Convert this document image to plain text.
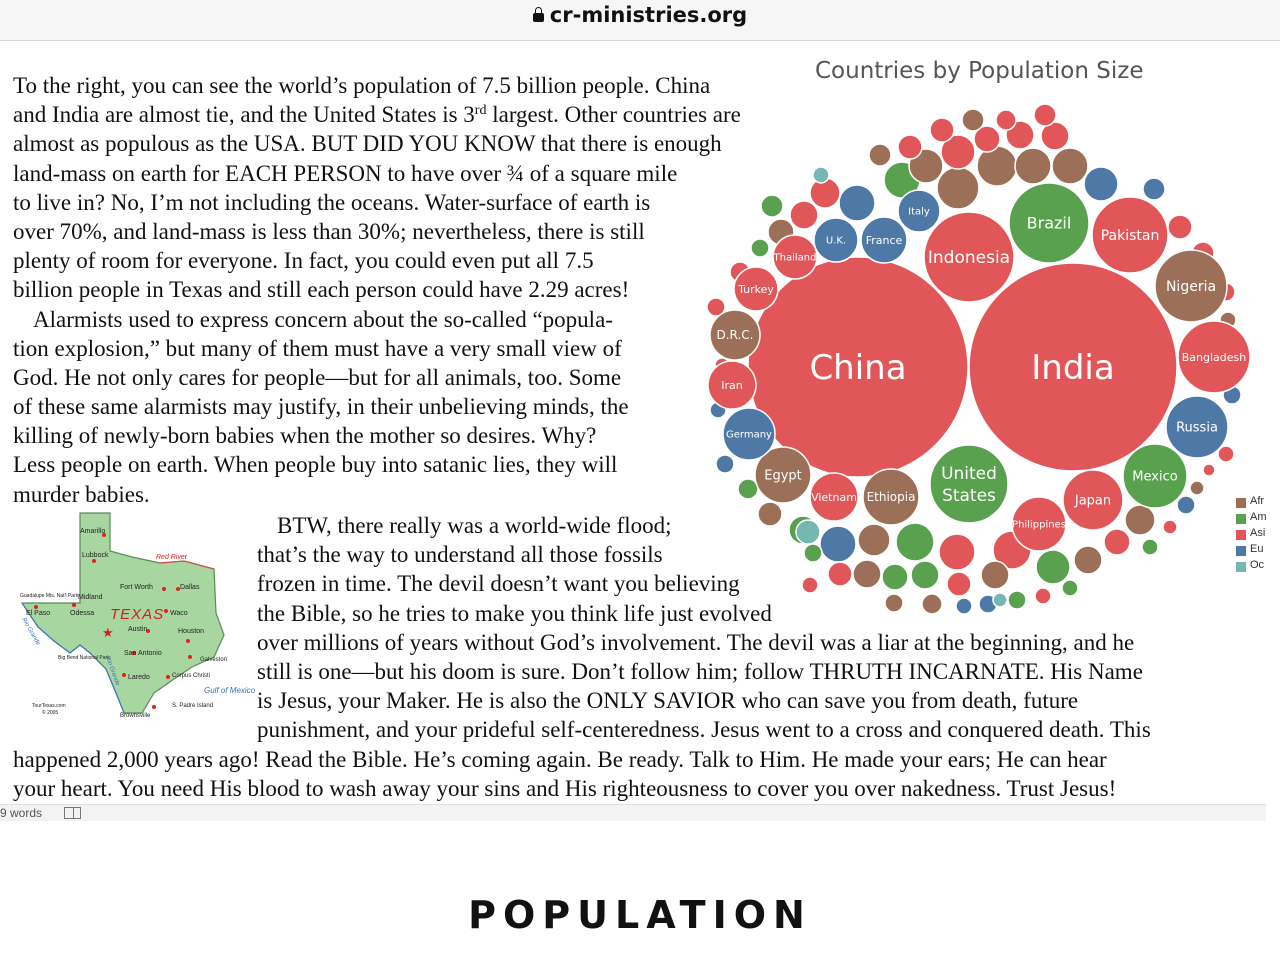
cr-ministries.org
To the right, you can see the world’s population of 7.5 billion people. China
and India are almost tie, and the United States is 3rd largest. Other countries are
almost as populous as the USA. BUT DID YOU KNOW that there is enough
land-mass on earth for EACH PERSON to have over ¾ of a square mile
to live in? No, I’m not including the oceans. Water-surface of earth is
over 70%, and land-mass is less than 30%; nevertheless, there is still
plenty of room for everyone. In fact, you could even put all 7.5
billion people in Texas and still each person could have 2.29 acres!
Alarmists used to express concern about the so-called “popula-
tion explosion,” but many of them must have a very small view of
God. He not only cares for people—but for all animals, too. Some
of these same alarmists may justify, in their unbelieving minds, the
killing of newly-born babies when the mother so desires. Why?
Less people on earth. When people buy into satanic lies, they will
murder babies.
BTW, there really was a world-wide flood;
that’s the way to understand all those fossils
frozen in time. The devil doesn’t want you believing
the Bible, so he tries to make you think life just evolved
over millions of years without God’s involvement. The devil was a liar at the beginning, and he
still is one—but his doom is sure. Don’t follow him; follow THRUTH INCARNATE. His Name
is Jesus, your Maker. He is also the ONLY SAVIOR who can save you from death, future
punishment, and your prideful self-centeredness. Jesus went to a cross and conquered death. This
happened 2,000 years ago! Read the Bible. He’s coming again. Be ready. Talk to Him. He made your ears; He can hear
your heart. You need His blood to wash away your sins and His righteousness to cover you over nakedness. Trust Jesus!
TEXAS
★
Amarillo
Lubbock	Red River
Guadalupe Mts. Nat'l Park Midland
Fort Worth	Dallas
El Paso	Odessa	Waco
Rio Grande	Austin	Houston
Big Bend National Park
San Antonio
Galveston
Laredo	Corpus Christi
Rio Grande
Gulf of Mexico
Brownsville
S. Padre Island
TourTexas.com
© 2005
Countries by Population Size
China	India
United
States
Indonesia
Brazil
Pakistan
Nigeria
Bangladesh
Russia
Mexico
Japan
Ethiopia
Philippines
Egypt
Vietnam
D.R.C.
Germany
Iran
Turkey
Thailand
U.K. France
Italy
Afr
Am
Asi
Eu
Oc
9 words
POPULATION
